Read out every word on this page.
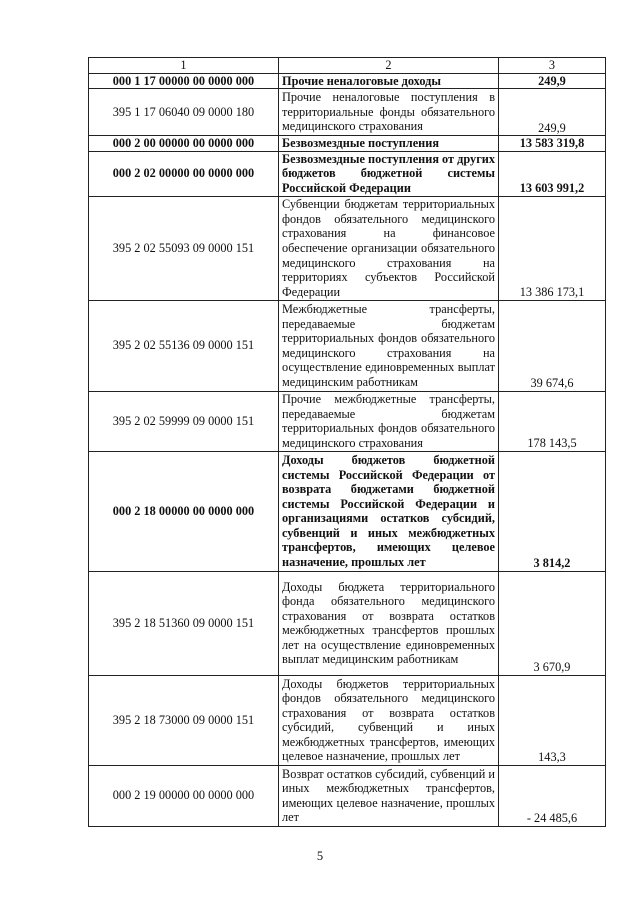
1	2	3
000 1 17 00000 00 0000 000	Прочие неналоговые доходы	249,9
395 1 17 06040 09 0000 180	Прочие неналоговые поступления в территориальные фонды обязательного медицинского страхования	249,9
000 2 00 00000 00 0000 000	Безвозмездные поступления	13 583 319,8
000 2 02 00000 00 0000 000	Безвозмездные поступления от других бюджетов бюджетной системы Российской Федерации	13 603 991,2
395 2 02 55093 09 0000 151	Субвенции бюджетам территориальных фондов обязательного медицинского страхования на финансовое обеспечение организации обязательного медицинского страхования на территориях субъектов Российской Федерации	13 386 173,1
395 2 02 55136 09 0000 151	Межбюджетные трансферты, передаваемые бюджетам территориальных фондов обязательного медицинского страхования на осуществление единовременных выплат медицинским работникам	39 674,6
395 2 02 59999 09 0000 151	Прочие межбюджетные трансферты, передаваемые бюджетам территориальных фондов обязательного медицинского страхования	178 143,5
000 2 18 00000 00 0000 000	Доходы бюджетов бюджетной системы Российской Федерации от возврата бюджетами бюджетной системы Российской Федерации и организациями остатков субсидий, субвенций и иных межбюджетных трансфертов, имеющих целевое назначение, прошлых лет	3 814,2
395 2 18 51360 09 0000 151	Доходы бюджета территориального фонда обязательного медицинского страхования от возврата остатков межбюджетных трансфертов прошлых лет на осуществление единовременных выплат медицинским работникам	3 670,9
395 2 18 73000 09 0000 151	Доходы бюджетов территориальных фондов обязательного медицинского страхования от возврата остатков субсидий, субвенций и иных межбюджетных трансфертов, имеющих целевое назначение, прошлых лет	143,3
000 2 19 00000 00 0000 000	Возврат остатков субсидий, субвенций и иных межбюджетных трансфертов, имеющих целевое назначение, прошлых лет	- 24 485,6
5
